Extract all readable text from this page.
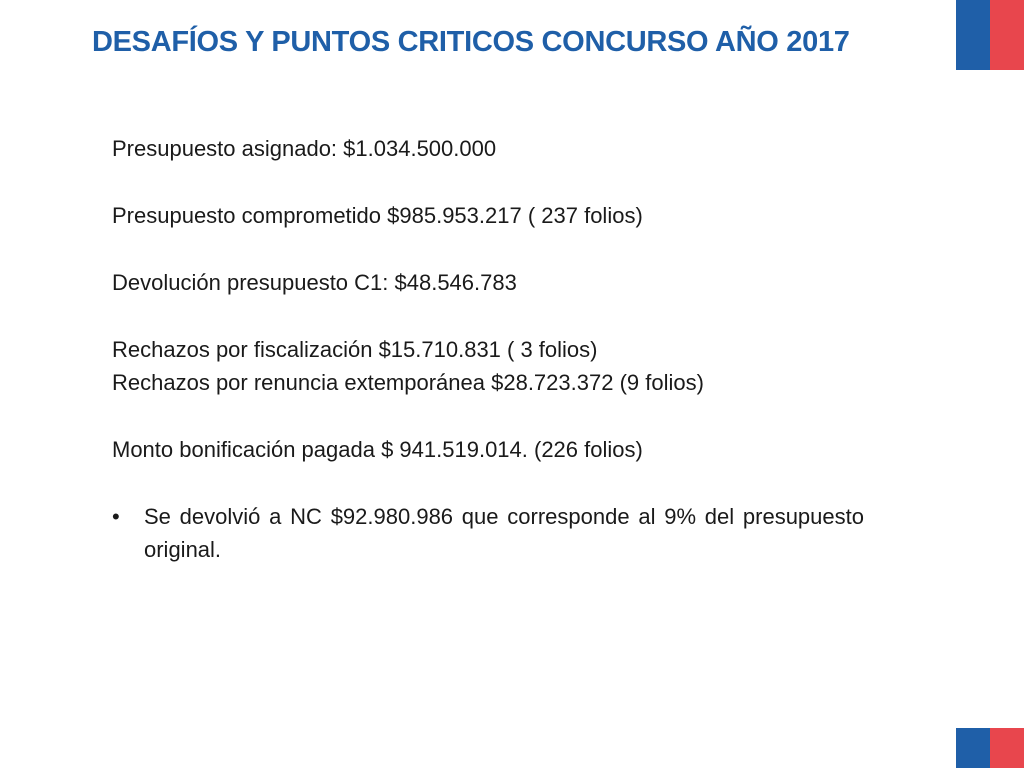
DESAFÍOS Y PUNTOS CRITICOS CONCURSO AÑO 2017

Presupuesto asignado: $1.034.500.000

Presupuesto comprometido $985.953.217 ( 237 folios)

Devolución presupuesto C1: $48.546.783

Rechazos por fiscalización $15.710.831 ( 3 folios)

Rechazos por renuncia extemporánea $28.723.372 (9 folios)

Monto bonificación pagada $ 941.519.014. (226 folios)

•	Se devolvió a NC $92.980.986 que corresponde al 9% del presupuesto original.
